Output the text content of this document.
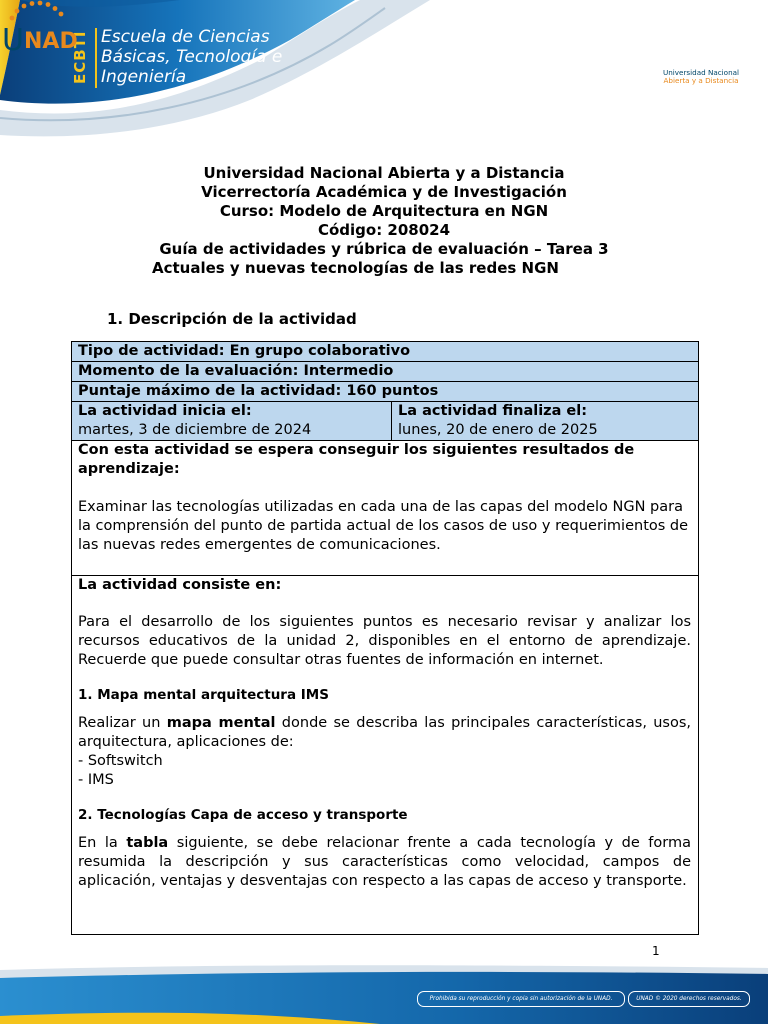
ECBTI Escuela de Ciencias
Básicas, Tecnología e
Ingeniería
U NAD
Universidad Nacional
Abierta y a Distancia
Universidad Nacional Abierta y a Distancia
Vicerrectoría Académica y de Investigación
Curso: Modelo de Arquitectura en NGN
Código: 208024
Guía de actividades y rúbrica de evaluación – Tarea 3
Actuales y nuevas tecnologías de las redes NGN
1. Descripción de la actividad
Tipo de actividad: En grupo colaborativo
Momento de la evaluación: Intermedio
Puntaje máximo de la actividad: 160 puntos
La actividad inicia el:
martes, 3 de diciembre de 2024
La actividad finaliza el:
lunes, 20 de enero de 2025
Con esta actividad se espera conseguir los siguientes resultados de aprendizaje:
Examinar las tecnologías utilizadas en cada una de las capas del modelo NGN para la comprensión del punto de partida actual de los casos de uso y requerimientos de las nuevas redes emergentes de comunicaciones.
La actividad consiste en:
Para el desarrollo de los siguientes puntos es necesario revisar y analizar los recursos educativos de la unidad 2, disponibles en el entorno de aprendizaje. Recuerde que puede consultar otras fuentes de información en internet.
1. Mapa mental arquitectura IMS
Realizar un mapa mental donde se describa las principales características, usos, arquitectura, aplicaciones de:
- Softswitch
- IMS
2. Tecnologías Capa de acceso y transporte
En la tabla siguiente, se debe relacionar frente a cada tecnología y de forma resumida la descripción y sus características como velocidad, campos de aplicación, ventajas y desventajas con respecto a las capas de acceso y transporte.
1
Prohibida su reproducción y copia sin autorización de la UNAD.	UNAD © 2020 derechos reservados.
